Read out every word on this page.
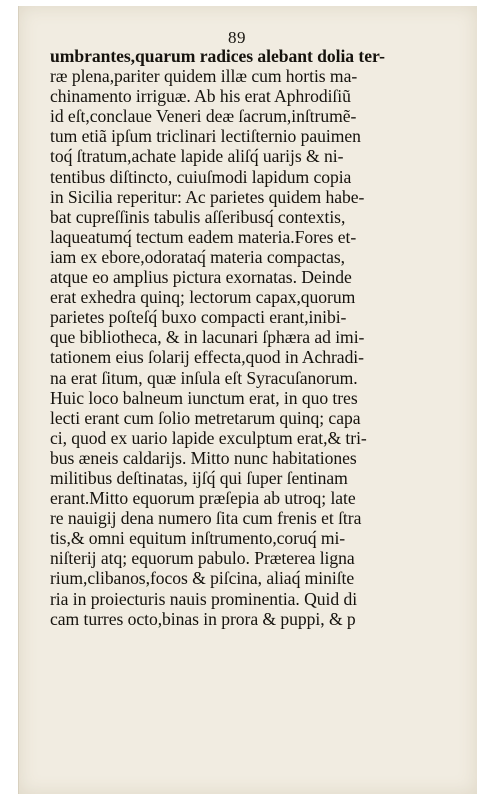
89
umbrantes,quarum radices alebant dolia ter-
ræ plena,pariter quidem illæ cum hortis ma-
chinamento irriguæ. Ab his erat Aphrodiſiũ
id eſt,conclaue Veneri deæ ſacrum,inſtrumẽ-
tum etiã ipſum triclinari lectiſternio pauimen
toq́ ſtratum,achate lapide aliſq́ uarijs & ni-
tentibus diſtincto, cuiuſmodi lapidum copia
in Sicilia reperitur: Ac parietes quidem habe-
bat cupreſſinis tabulis aſſeribusq́ contextis,
laqueatumq́ tectum eadem materia.Fores et-
iam ex ebore,odorataq́ materia compactas,
atque eo amplius pictura exornatas. Deinde
erat exhedra quinq; lectorum capax,quorum
parietes poſteſq́ buxo compacti erant,inibi-
que bibliotheca, & in lacunari ſphæra ad imi-
tationem eius ſolarij effecta,quod in Achradi-
na erat ſitum, quæ inſula eſt Syracuſanorum.
Huic loco balneum iunctum erat, in quo tres
lecti erant cum ſolio metretarum quinq; capa
ci, quod ex uario lapide exculptum erat,& tri-
bus æneis caldarijs. Mitto nunc habitationes
militibus deſtinatas, ijſq́ qui ſuper ſentinam
erant.Mitto equorum præſepia ab utroq; late
re nauigij dena numero ſita cum frenis et ſtra
tis,& omni equitum inſtrumento,coruq́ mi-
niſterij atq; equorum pabulo. Præterea ligna
rium,clibanos,focos & piſcina, aliaq́ miniſte
ria in proiecturis nauis prominentia. Quid di
cam turres octo,binas in prora & puppi, & p
